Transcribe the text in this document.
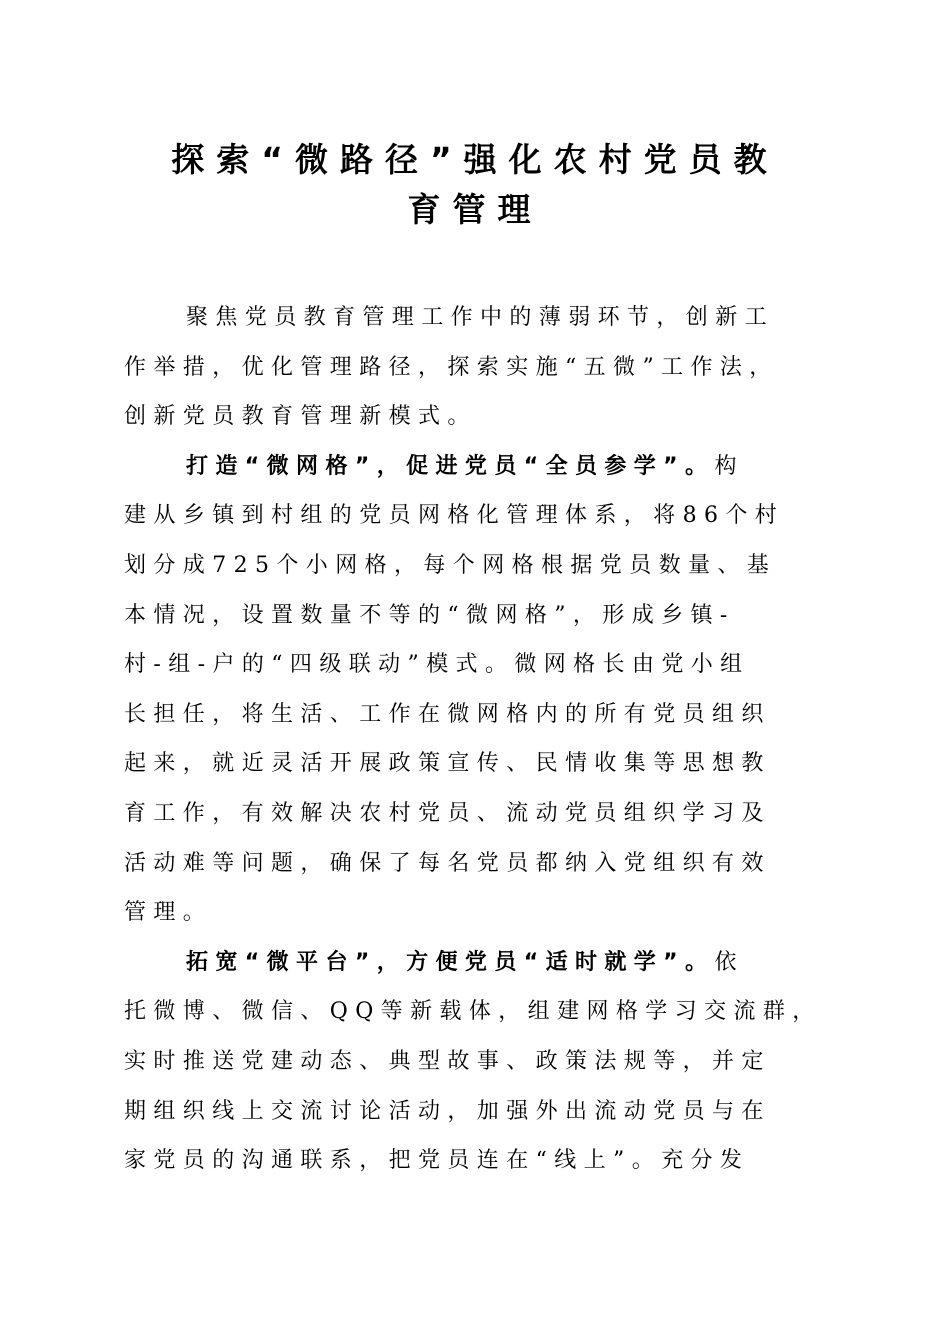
探索“微路径”强化农村党员教
育管理
聚焦党员教育管理工作中的薄弱环节，创新工
作举措，优化管理路径，探索实施“五微”工作法，
创新党员教育管理新模式。
打造“微网格”，促进党员“全员参学”。构
建从乡镇到村组的党员网格化管理体系，将86个村
划分成725个小网格，每个网格根据党员数量、基
本情况，设置数量不等的“微网格”，形成乡镇-
村-组-户的“四级联动”模式。微网格长由党小组
长担任，将生活、工作在微网格内的所有党员组织
起来，就近灵活开展政策宣传、民情收集等思想教
育工作，有效解决农村党员、流动党员组织学习及
活动难等问题，确保了每名党员都纳入党组织有效
管理。
拓宽“微平台”，方便党员“适时就学”。依
托微博、微信、QQ等新载体，组建网格学习交流群，
实时推送党建动态、典型故事、政策法规等，并定
期组织线上交流讨论活动，加强外出流动党员与在
家党员的沟通联系，把党员连在“线上”。充分发
